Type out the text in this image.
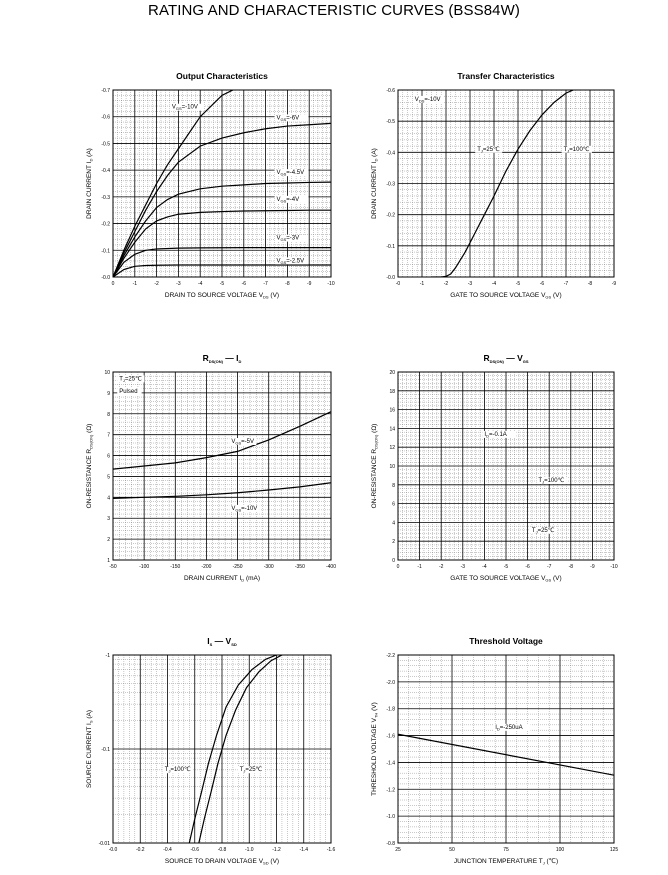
RATING AND CHARACTERISTIC CURVES (BSS84W)
0	-1	-2	-3	-4	-5	-6	-7	-8	-9	-10
-0.0
-0.1
-0.2
-0.3
-0.4
-0.5
-0.6
-0.7
DRAIN TO SOURCE VOLTAGE $V_{DS}$ (V)
DRAIN CURRENT $I_D$ (A)
Output Characteristics
$V_{GS}=-10V$
$V_{GS}=-6V$
$V_{GS}=-4.5V$
$V_{GS}=-4V$
$V_{GS}=-3V$
$V_{GS}=-2.5V$
-0	-1	-2	-3	-4	-5	-6	-7	-8	-9
-0.0
-0.1
-0.2
-0.3
-0.4
-0.5
-0.6
GATE TO SOURCE VOLTAGE $V_{GS}$ (V)
DRAIN CURRENT $I_D$ (A)
Transfer Characteristics
$V_{DS}=-10V$
$T_J=25℃$	$T_J=100℃$
-50	-100	-150	-200	-250	-300	-350	-400
1
2
3
4
5
6
7
8
9
10
DRAIN CURRENT $I_D$ (mA)
ON-RESISTANCE $R_{DS(ON)}$ (Ω)
$R_{DS(ON)}$ — $I_D$
$T_J=25℃$
Pulsed
$V_{GS}=-5V$
$V_{GS}=-10V$
0	-1	-2	-3	-4	-5	-6	-7	-8	-9	-10
0
2
4
6
8
10
12
14
16
18
20
GATE TO SOURCE VOLTAGE $V_{GS}$ (V)
ON-RESISTANCE $R_{DS(ON)}$ (Ω)
$R_{DS(ON)}$ — $V_{GS}$
$I_D=-0.1A$
$T_J=100℃$
$T_J=25℃$
-0.0	-0.2	-0.4	-0.6	-0.8	-1.0	-1.2	-1.4	-1.6
-0.01
-0.1
-1
SOURCE TO DRAIN VOLTAGE $V_{SD}$ (V)
SOURCE CURRENT $I_S$ (A)
$I_S$ — $V_{SD}$
$T_J=100℃$	$T_J=25℃$
25	50	75	100	125
-0.8
-1.0
-1.2
-1.4
-1.6
-1.8
-2.0
-2.2
JUNCTION TEMPERATURE $T_J$ (℃)
THRESHOLD VOLTAGE $V_{TH}$ (V)
Threshold Voltage
$I_D=-250uA$
